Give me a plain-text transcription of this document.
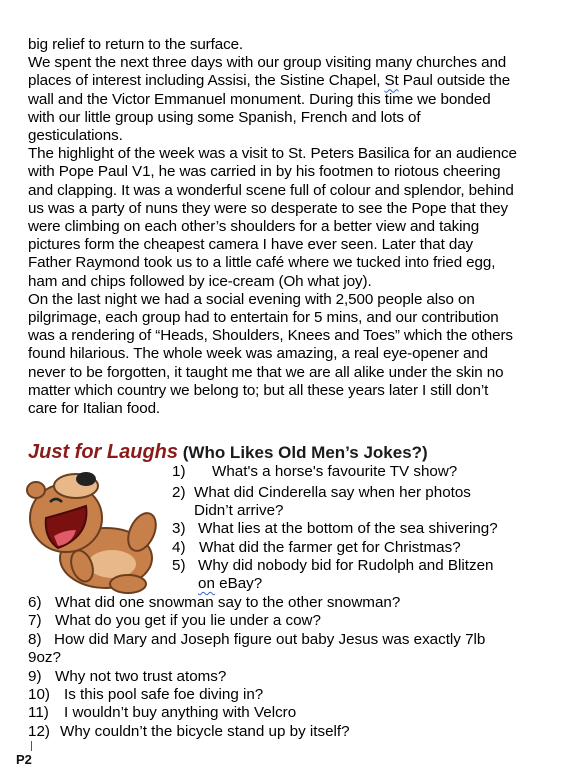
big relief to return to the surface.

We spent the next three days with our group visiting many churches and places of interest including Assisi, the Sistine Chapel, St Paul outside the wall and the Victor Emmanuel monument. During this time we bonded with our little group using some Spanish, French and lots of gesticulations.

The highlight of the week was a visit to St. Peters Basilica for an audience with Pope Paul V1, he was carried in by his footmen to riotous cheering and clapping. It was a wonderful scene full of colour and splendor, behind us was a party of nuns they were so desperate to see the Pope that they were climbing on each other’s shoulders for a better view and taking pictures form the cheapest camera I have ever seen. Later that day Father Raymond took us to a little café where we tucked into fried egg, ham and chips followed by ice-cream (Oh what joy).

On the last night we had a social evening with 2,500 people also on pilgrimage, each group had to entertain for 5 mins, and our contribution was a rendering of “Heads, Shoulders, Knees and Toes” which the others found hilarious. The whole week was amazing, a real eye-opener and never to be forgotten, it taught me that we are all alike under the skin no matter which country we belong to; but all these years later I still don’t care for Italian food.

Just for Laughs (Who Likes Old Men’s Jokes?)
1) What's a horse's favourite TV show?
2) What did Cinderella say when her photos
Didn’t arrive?
3) What lies at the bottom of the sea shivering?
4) What did the farmer get for Christmas?
5) Why did nobody bid for Rudolph and Blitzen
on eBay?
6) What did one snowman say to the other snowman?
7) What do you get if you lie under a cow?
8) How did Mary and Joseph figure out baby Jesus was exactly 7lb
9oz?
9) Why not two trust atoms?
10) Is this pool safe foe diving in?
11) I wouldn’t buy anything with Velcro
12) Why couldn’t the bicycle stand up by itself?
P2
